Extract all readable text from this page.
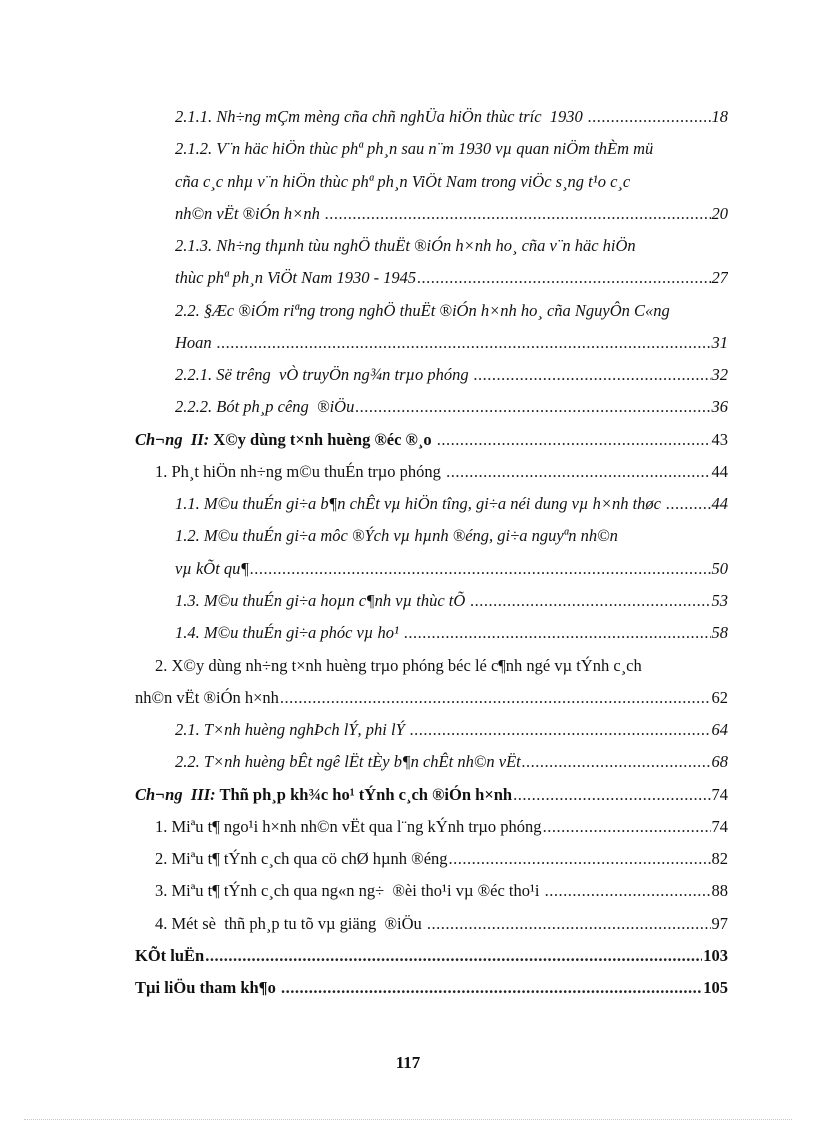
2.1.1. Nh÷ng mÇm mèng cña chñ nghÜa hiÖn thùc tríc  1930 .....	18
2.1.2. V¨n häc hiÖn thùc phª ph¸n sau n¨m 1930 vµ quan niÖm thÈm mü
cña c¸c nhµ v¨n hiÖn thùc phª ph¸n ViÖt Nam trong viÖc s¸ng t¹o c¸c
nh©n vËt ®iÓn h×nh .....	20
2.1.3. Nh÷ng thµnh tùu nghÖ thuËt ®iÓn h×nh ho¸ cña v¨n häc hiÖn
thùc phª ph¸n ViÖt Nam 1930 - 1945 .....	27
2.2. §Æc ®iÓm riªng trong nghÖ thuËt ®iÓn h×nh ho¸ cña NguyÔn C«ng
Hoan .....	31
2.2.1. Së trêng  vÒ truyÖn ng¾n trµo phóng .....	32
2.2.2. Bót ph¸p cêng  ®iÖu .....	36
Ch¬ng  II: X©y dùng t×nh huèng ®éc ®¸o .....	43
1. Ph¸t hiÖn nh÷ng m©u thuÉn trµo phóng .....	44
1.1. M©u thuÉn gi÷a b¶n chÊt vµ hiÖn tîng, gi÷a néi dung vµ h×nh thøc .....	44
1.2. M©u thuÉn gi÷a môc ®Ých vµ hµnh ®éng, gi÷a nguyªn nh©n
vµ kÕt qu¶ .....	50
1.3. M©u thuÉn gi÷a hoµn c¶nh vµ thùc tÕ .....	53
1.4. M©u thuÉn gi÷a phóc vµ ho¹ .....	58
2. X©y dùng nh÷ng t×nh huèng trµo phóng béc lé c¶nh ngé vµ tÝnh c¸ch
nh©n vËt ®iÓn h×nh .....	62
2.1. T×nh huèng nghÞch lÝ, phi lÝ .....	64
2.2. T×nh huèng bÊt ngê lËt tÈy b¶n chÊt nh©n vËt .....	68
Ch¬ng  III: Thñ ph¸p kh¾c ho¹ tÝnh c¸ch ®iÓn h×nh .....	74
1. Miªu t¶ ngo¹i h×nh nh©n vËt qua l¨ng kÝnh trµo phóng .....	74
2. Miªu t¶ tÝnh c¸ch qua cö chØ hµnh ®éng .....	82
3. Miªu t¶ tÝnh c¸ch qua ng«n ng÷  ®èi tho¹i vµ ®éc tho¹i .....	88
4. Mét sè  thñ ph¸p tu tõ vµ giäng  ®iÖu .....	97
KÕt luËn .....	103
Tµi liÖu tham kh¶o .....	105
117
